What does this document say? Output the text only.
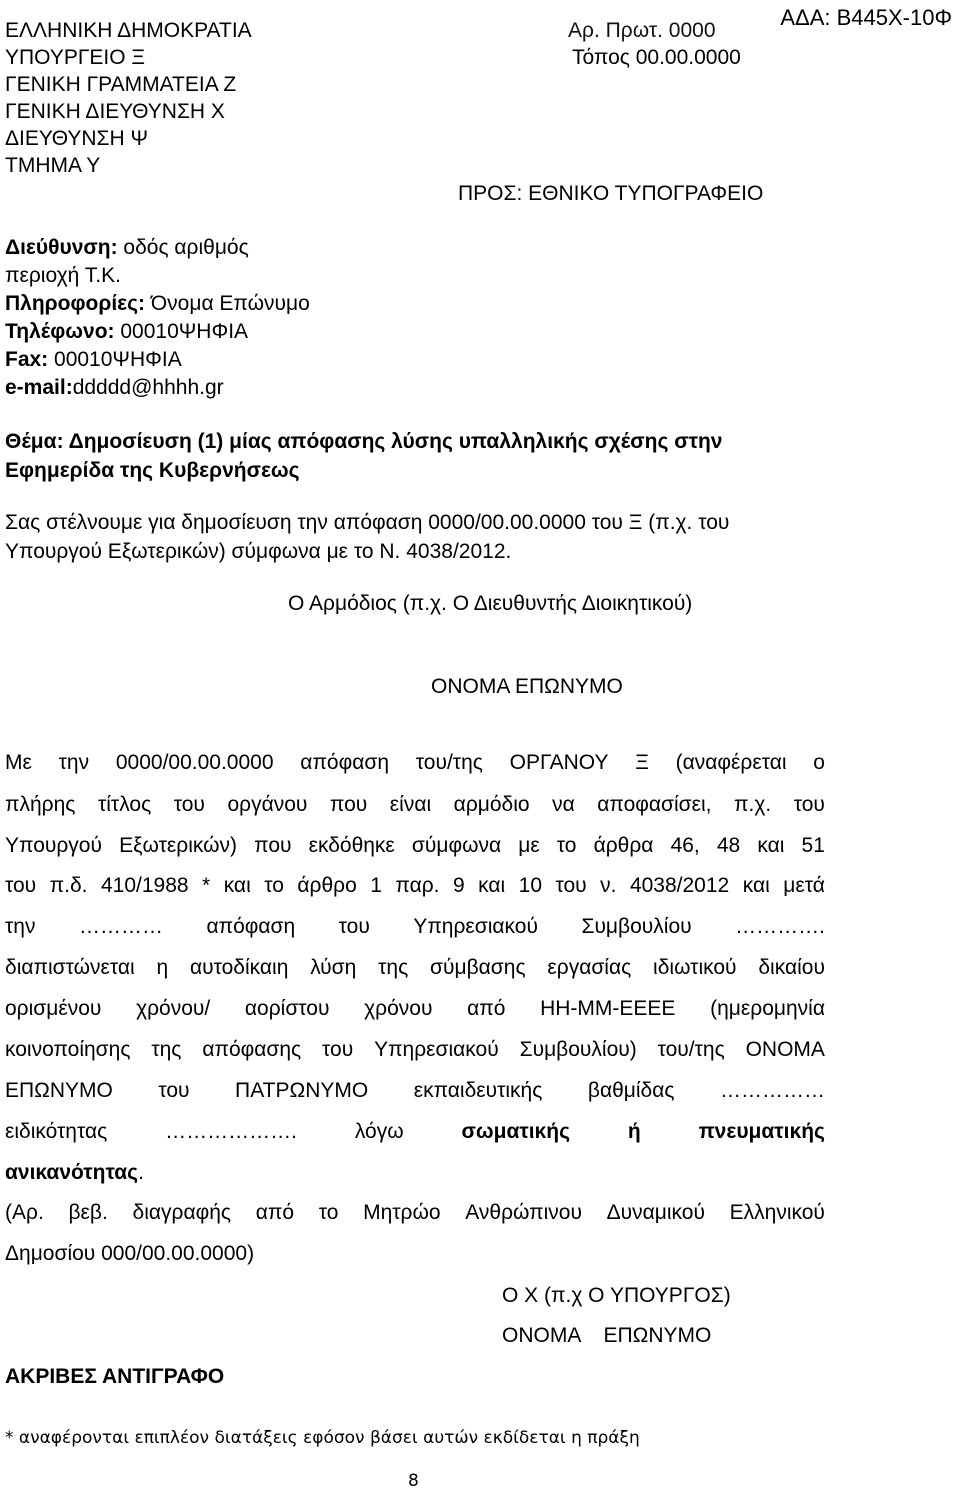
ΕΛΛΗΝΙΚΗ ΔΗΜΟΚΡΑΤΙΑ
ΥΠΟΥΡΓΕΙΟ Ξ
ΓΕΝΙΚΗ ΓΡΑΜΜΑΤΕΙΑ Ζ
ΓΕΝΙΚΗ ΔΙΕΥΘΥΝΣΗ Χ
ΔΙΕΥΘΥΝΣΗ Ψ
ΤΜΗΜΑ Υ
ΑΔΑ: Β445Χ-10Φ
Αρ. Πρωτ. 0000
Τόπος 00.00.0000
ΠΡΟΣ: ΕΘΝΙΚΟ ΤΥΠΟΓΡΑΦΕΙΟ
Διεύθυνση: οδός αριθμός
περιοχή Τ.Κ.
Πληροφορίες: Όνομα Επώνυμο
Τηλέφωνο: 00010ΨΗΦΙΑ
Fax: 00010ΨΗΦΙΑ
e-mail:ddddd@hhhh.gr
Θέμα: Δημοσίευση (1) μίας απόφασης λύσης υπαλληλικής σχέσης στην
Εφημερίδα της Κυβερνήσεως
Σας στέλνουμε για δημοσίευση την απόφαση 0000/00.00.0000 του Ξ (π.χ. του
Υπουργού Εξωτερικών) σύμφωνα με το Ν. 4038/2012.
Ο Αρμόδιος (π.χ. Ο Διευθυντής Διοικητικού)
ΟΝΟΜΑ ΕΠΩΝΥΜΟ
Με την 0000/00.00.0000 απόφαση του/της ΟΡΓΑΝΟΥ Ξ (αναφέρεται ο
πλήρης τίτλος του οργάνου που είναι αρμόδιο να αποφασίσει, π.χ. του
Υπουργού Εξωτερικών) που εκδόθηκε σύμφωνα με το άρθρα 46, 48 και 51
του π.δ. 410/1988 * και το άρθρο 1 παρ. 9 και 10 του ν. 4038/2012 και μετά
την ………… απόφαση του Υπηρεσιακού Συμβουλίου ………….
διαπιστώνεται η αυτοδίκαιη λύση της σύμβασης εργασίας ιδιωτικού δικαίου
ορισμένου χρόνου/ αορίστου χρόνου από ΗΗ-ΜΜ-ΕΕΕΕ (ημερομηνία
κοινοποίησης της απόφασης του Υπηρεσιακού Συμβουλίου) του/της ΟΝΟΜΑ
ΕΠΩΝΥΜΟ του ΠΑΤΡΩΝΥΜΟ εκπαιδευτικής βαθμίδας ……………
ειδικότητας	……………….	λόγω	σωματικής	ή	πνευματικής
ανικανότητας.
(Αρ. βεβ. διαγραφής από το Μητρώο Ανθρώπινου Δυναμικού Ελληνικού
Δημοσίου 000/00.00.0000)
Ο Χ (π.χ Ο ΥΠΟΥΡΓΟΣ)
ΟΝΟΜΑ    ΕΠΩΝΥΜΟ
ΑΚΡΙΒΕΣ ΑΝΤΙΓΡΑΦΟ
* αναφέρονται επιπλέον διατάξεις εφόσον βάσει αυτών εκδίδεται η πράξη
8
